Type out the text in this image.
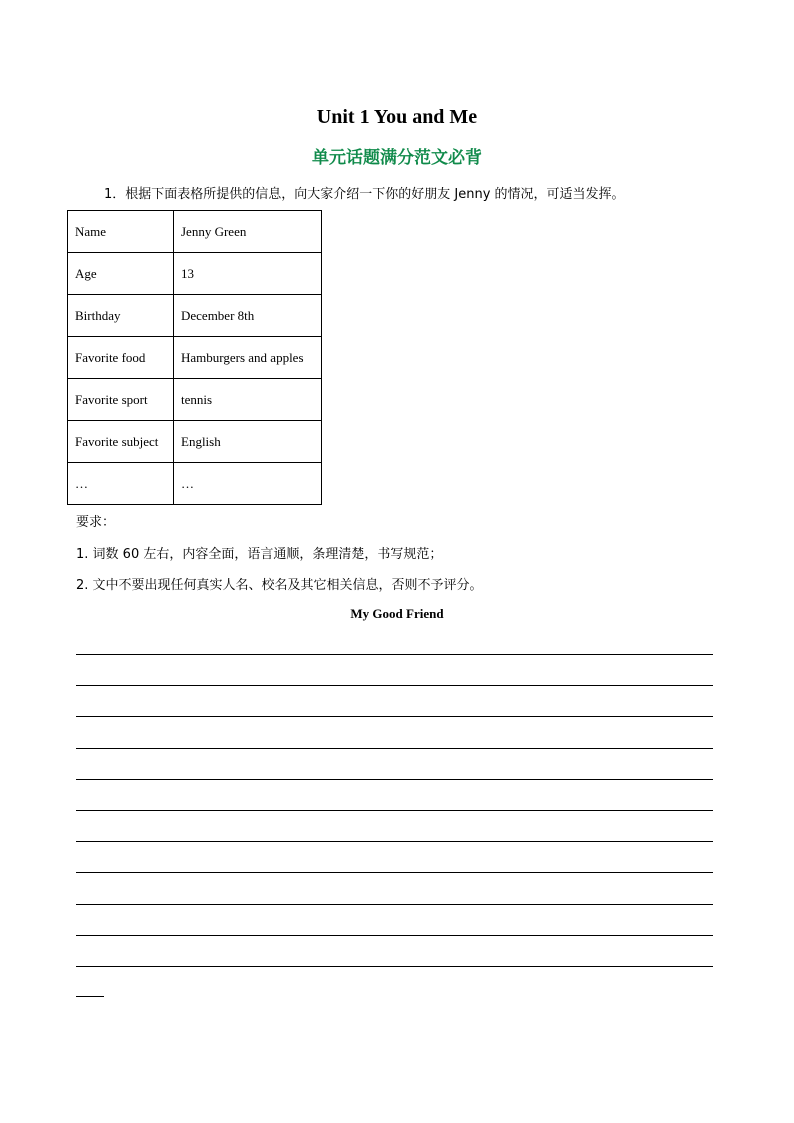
Unit 1 You and Me
单元话题满分范文必背
1．根据下面表格所提供的信息，向大家介绍一下你的好朋友 Jenny 的情况，可适当发挥。
Name	Jenny Green
Age	13
Birthday	December 8th
Favorite food	Hamburgers and apples
Favorite sport	tennis
Favorite subject	English
…	…
要求：
1. 词数 60 左右，内容全面，语言通顺，条理清楚，书写规范；
2. 文中不要出现任何真实人名、校名及其它相关信息，否则不予评分。
My Good Friend
